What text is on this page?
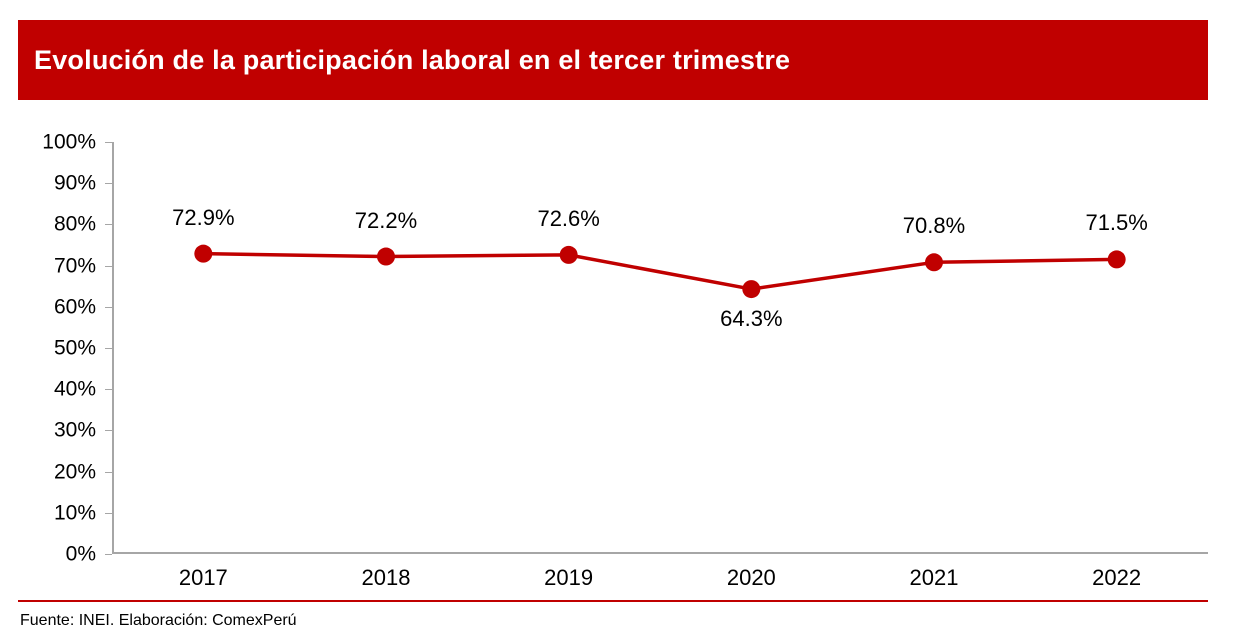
Evolución de la participación laboral en el tercer trimestre
0%
10%
20%
30%
40%
50%
60%
70%
80%
90%
100%
72.9%	72.2%	72.6%
64.3%
70.8%	71.5%
2017	2018	2019	2020	2021	2022
Fuente: INEI. Elaboración: ComexPerú
